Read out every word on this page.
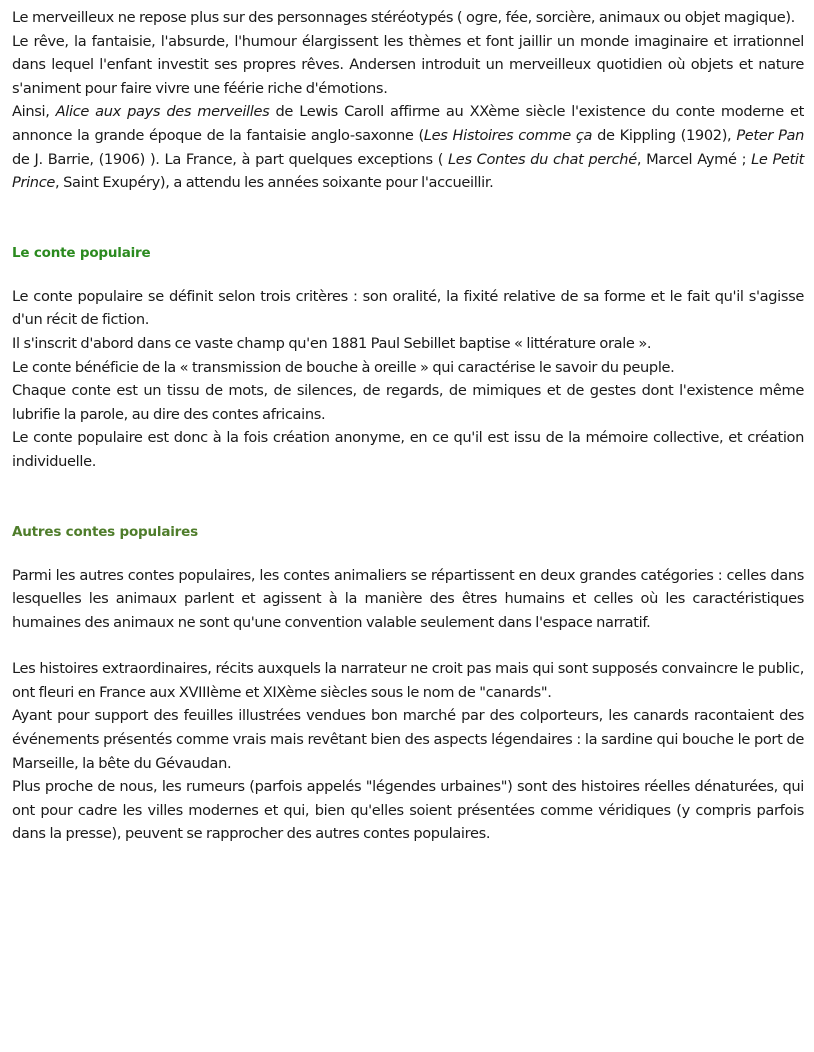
Le merveilleux ne repose plus sur des personnages stéréotypés ( ogre, fée, sorcière, animaux ou objet magique).

Le rêve, la fantaisie, l'absurde, l'humour élargissent les thèmes et font jaillir un monde imaginaire et irrationnel dans lequel l'enfant investit ses propres rêves. Andersen introduit un merveilleux quotidien où objets et nature s'animent pour faire vivre une féérie riche d'émotions.

Ainsi, Alice aux pays des merveilles de Lewis Caroll affirme au XXème siècle l'existence du conte moderne et annonce la grande époque de la fantaisie anglo-saxonne (Les Histoires comme ça de Kippling (1902), Peter Pan de J. Barrie, (1906) ). La France, à part quelques exceptions ( Les Contes du chat perché, Marcel Aymé ; Le Petit Prince, Saint Exupéry), a attendu les années soixante pour l'accueillir.

Le conte populaire

Le conte populaire se définit selon trois critères : son oralité, la fixité relative de sa forme et le fait qu'il s'agisse d'un récit de fiction.

Il s'inscrit d'abord dans ce vaste champ qu'en 1881 Paul Sebillet baptise « littérature orale ».

Le conte bénéficie de la « transmission de bouche à oreille » qui caractérise le savoir du peuple.

Chaque conte est un tissu de mots, de silences, de regards, de mimiques et de gestes dont l'existence même lubrifie la parole, au dire des contes africains.

Le conte populaire est donc à la fois création anonyme, en ce qu'il est issu de la mémoire collective, et création individuelle.

Autres contes populaires

Parmi les autres contes populaires, les contes animaliers se répartissent en deux grandes catégories : celles dans lesquelles les animaux parlent et agissent à la manière des êtres humains et celles où les caractéristiques humaines des animaux ne sont qu'une convention valable seulement dans l'espace narratif.

Les histoires extraordinaires, récits auxquels la narrateur ne croit pas mais qui sont supposés convaincre le public, ont fleuri en France aux XVIIIème et XIXème siècles sous le nom de "canards".

Ayant pour support des feuilles illustrées vendues bon marché par des colporteurs, les canards racontaient des événements présentés comme vrais mais revêtant bien des aspects légendaires : la sardine qui bouche le port de Marseille, la bête du Gévaudan.

Plus proche de nous, les rumeurs (parfois appelés "légendes urbaines") sont des histoires réelles dénaturées, qui ont pour cadre les villes modernes et qui, bien qu'elles soient présentées comme véridiques (y compris parfois dans la presse), peuvent se rapprocher des autres contes populaires.
